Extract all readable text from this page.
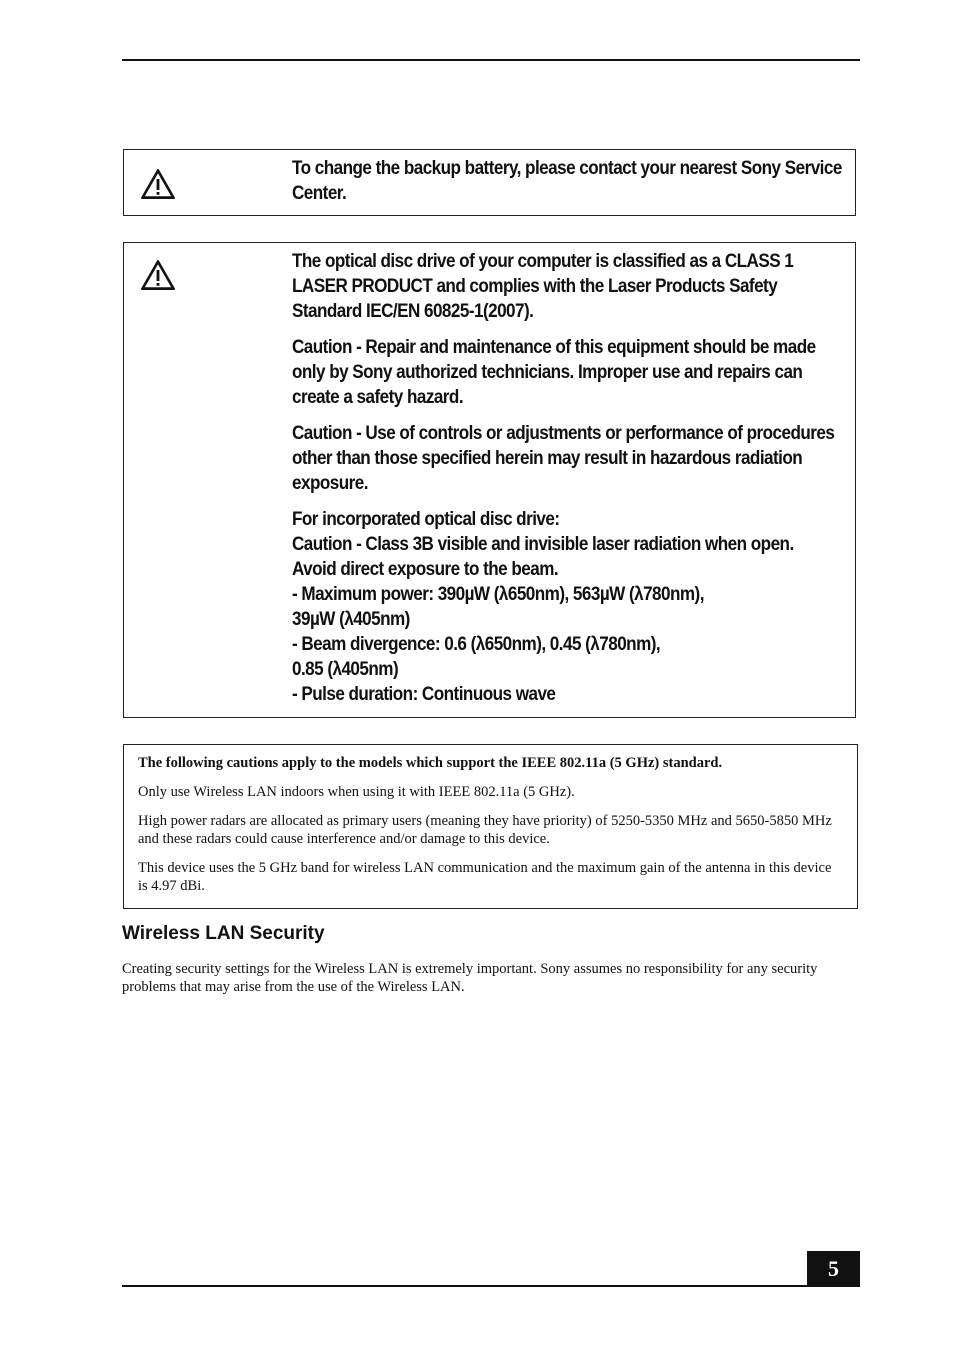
To change the backup battery, please contact your nearest Sony Service Center.

The optical disc drive of your computer is classified as a CLASS 1 LASER PRODUCT and complies with the Laser Products Safety Standard IEC/EN 60825-1(2007).

Caution - Repair and maintenance of this equipment should be made only by Sony authorized technicians. Improper use and repairs can create a safety hazard.

Caution - Use of controls or adjustments or performance of procedures other than those specified herein may result in hazardous radiation exposure.

For incorporated optical disc drive:
Caution - Class 3B visible and invisible laser radiation when open.
Avoid direct exposure to the beam.
- Maximum power: 390µW (λ650nm), 563µW (λ780nm),
39µW (λ405nm)
- Beam divergence: 0.6 (λ650nm), 0.45 (λ780nm),
0.85 (λ405nm)
- Pulse duration: Continuous wave

The following cautions apply to the models which support the IEEE 802.11a (5 GHz) standard.

Only use Wireless LAN indoors when using it with IEEE 802.11a (5 GHz).

High power radars are allocated as primary users (meaning they have priority) of 5250-5350 MHz and 5650-5850 MHz and these radars could cause interference and/or damage to this device.

This device uses the 5 GHz band for wireless LAN communication and the maximum gain of the antenna in this device is 4.97 dBi.

Wireless LAN Security

Creating security settings for the Wireless LAN is extremely important. Sony assumes no responsibility for any security problems that may arise from the use of the Wireless LAN.

5
